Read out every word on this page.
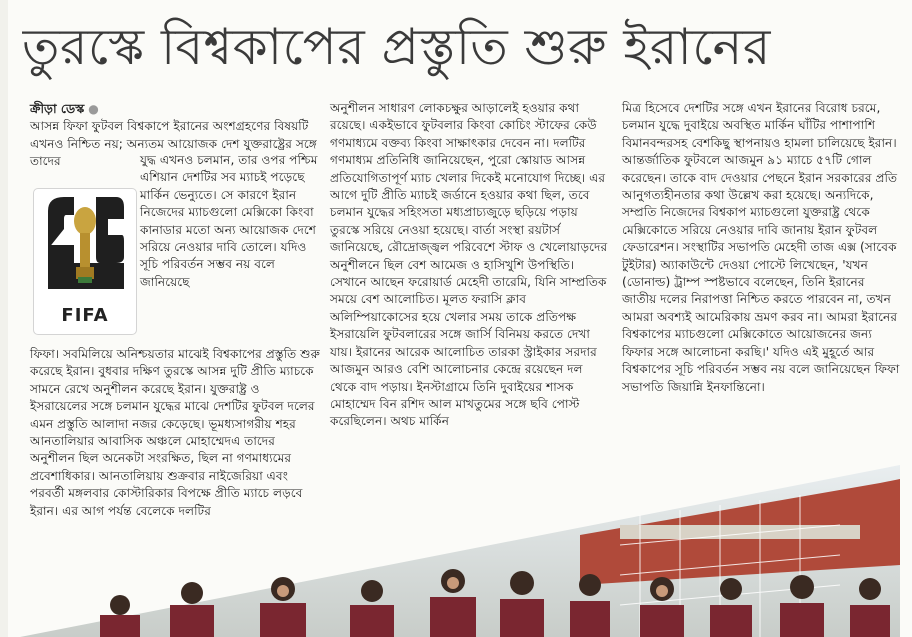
তুরস্কে বিশ্বকাপের প্রস্তুতি শুরু ইরানের

ক্রীড়া ডেস্ক ●

আসন্ন ফিফা ফুটবল বিশ্বকাপে ইরানের অংশগ্রহণের বিষয়টি এখনও নিশ্চিত নয়; অন্যতম আয়োজক দেশ যুক্তরাষ্ট্রের সঙ্গে তাদের

FIFA
যুদ্ধ এখনও চলমান, তার ওপর পশ্চিম এশিয়ান দেশটির সব ম্যাচই পড়েছে মার্কিন ভেন্যুতে। সে কারণে ইরান নিজেদের ম্যাচগুলো মেক্সিকো কিংবা কানাডার মতো অন্য আয়োজক দেশে সরিয়ে নেওয়ার দাবি তোলে। যদিও সূচি পরিবর্তন সম্ভব নয় বলে জানিয়েছে
ফিফা। সবমিলিয়ে অনিশ্চয়তার মাঝেই বিশ্বকাপের প্রস্তুতি শুরু করেছে ইরান। বুধবার দক্ষিণ তুরস্কে আসন্ন দুটি প্রীতি ম্যাচকে সামনে রেখে অনুশীলন করেছে ইরান। যুক্তরাষ্ট্র ও ইসরায়েলের সঙ্গে চলমান যুদ্ধের মাঝে দেশটির ফুটবল দলের এমন প্রস্তুতি আলাদা নজর কেড়েছে। ভূমধ্যসাগরীয় শহর আনতালিয়ার আবাসিক অঞ্চলে মোহাম্মেদএ তাদের অনুশীলন ছিল অনেকটা সংরক্ষিত, ছিল না গণমাধ্যমের প্রবেশাধিকার। আনতালিয়ায় শুক্রবার নাইজেরিয়া এবং পরবর্তী মঙ্গলবার কোস্টারিকার বিপক্ষে প্রীতি ম্যাচে লড়বে ইরান। এর আগ পর্যন্ত বেলেকে দলটির
অনুশীলন সাধারণ লোকচক্ষুর আড়ালেই হওয়ার কথা রয়েছে। একইভাবে ফুটবলার কিংবা কোচিং স্টাফের কেউ গণমাধ্যমে বক্তব্য কিংবা সাক্ষাৎকার দেবেন না। দলটির গণমাধ্যম প্রতিনিধি জানিয়েছেন, পুরো স্কোয়াড আসন্ন প্রতিযোগিতাপূর্ণ ম্যাচ খেলার দিকেই মনোযোগ দিচ্ছে। এর আগে দুটি প্রীতি ম্যাচই জর্ডানে হওয়ার কথা ছিল, তবে চলমান যুদ্ধের সহিংসতা মধ্যপ্রাচ্যজুড়ে ছড়িয়ে পড়ায় তুরস্কে সরিয়ে নেওয়া হয়েছে। বার্তা সংস্থা রয়টার্স জানিয়েছে, রৌদ্রোজ্জ্বল পরিবেশে স্টাফ ও খেলোয়াড়দের অনুশীলনে ছিল বেশ আমেজ ও হাসিখুশি উপস্থিতি। সেখানে আছেন ফরোয়ার্ড মেহেদী তারেমি, যিনি সাম্প্রতিক সময়ে বেশ আলোচিত। মূলত ফরাসি ক্লাব অলিম্পিয়াকোসের হয়ে খেলার সময় তাকে প্রতিপক্ষ ইসরায়েলি ফুটবলারের সঙ্গে জার্সি বিনিময় করতে দেখা যায়। ইরানের আরেক আলোচিত তারকা স্ট্রাইকার সরদার আজমুন আরও বেশি আলোচনার কেন্দ্রে রয়েছেন দল থেকে বাদ পড়ায়। ইনস্টাগ্রামে তিনি দুবাইয়ের শাসক মোহাম্মেদ বিন রশিদ আল মাখতুমের সঙ্গে ছবি পোস্ট করেছিলেন। অথচ মার্কিন
মিত্র হিসেবে দেশটির সঙ্গে এখন ইরানের বিরোধ চরমে, চলমান যুদ্ধে দুবাইয়ে অবস্থিত মার্কিন ঘাঁটির পাশাপাশি বিমানবন্দরসহ বেশকিছু স্থাপনায়ও হামলা চালিয়েছে ইরান। আন্তর্জাতিক ফুটবলে আজমুন ৯১ ম্যাচে ৫৭টি গোল করেছেন। তাকে বাদ দেওয়ার পেছনে ইরান সরকারের প্রতি আনুগত্যহীনতার কথা উল্লেখ করা হয়েছে। অন্যদিকে, সম্প্রতি নিজেদের বিশ্বকাপ ম্যাচগুলো যুক্তরাষ্ট্র থেকে মেক্সিকোতে সরিয়ে নেওয়ার দাবি জানায় ইরান ফুটবল ফেডারেশন। সংস্থাটির সভাপতি মেহেদী তাজ এক্স (সাবেক টুইটার) অ্যাকাউন্টে দেওয়া পোস্টে লিখেছেন, 'যখন (ডোনাল্ড) ট্রাম্প স্পষ্টভাবে বলেছেন, তিনি ইরানের জাতীয় দলের নিরাপত্তা নিশ্চিত করতে পারবেন না, তখন আমরা অবশ্যই আমেরিকায় ভ্রমণ করব না। আমরা ইরানের বিশ্বকাপের ম্যাচগুলো মেক্সিকোতে আয়োজনের জন্য ফিফার সঙ্গে আলোচনা করছি।' যদিও এই মুহূর্তে আর বিশ্বকাপের সূচি পরিবর্তন সম্ভব নয় বলে জানিয়েছেন ফিফা সভাপতি জিয়ান্নি ইনফান্তিনো।
